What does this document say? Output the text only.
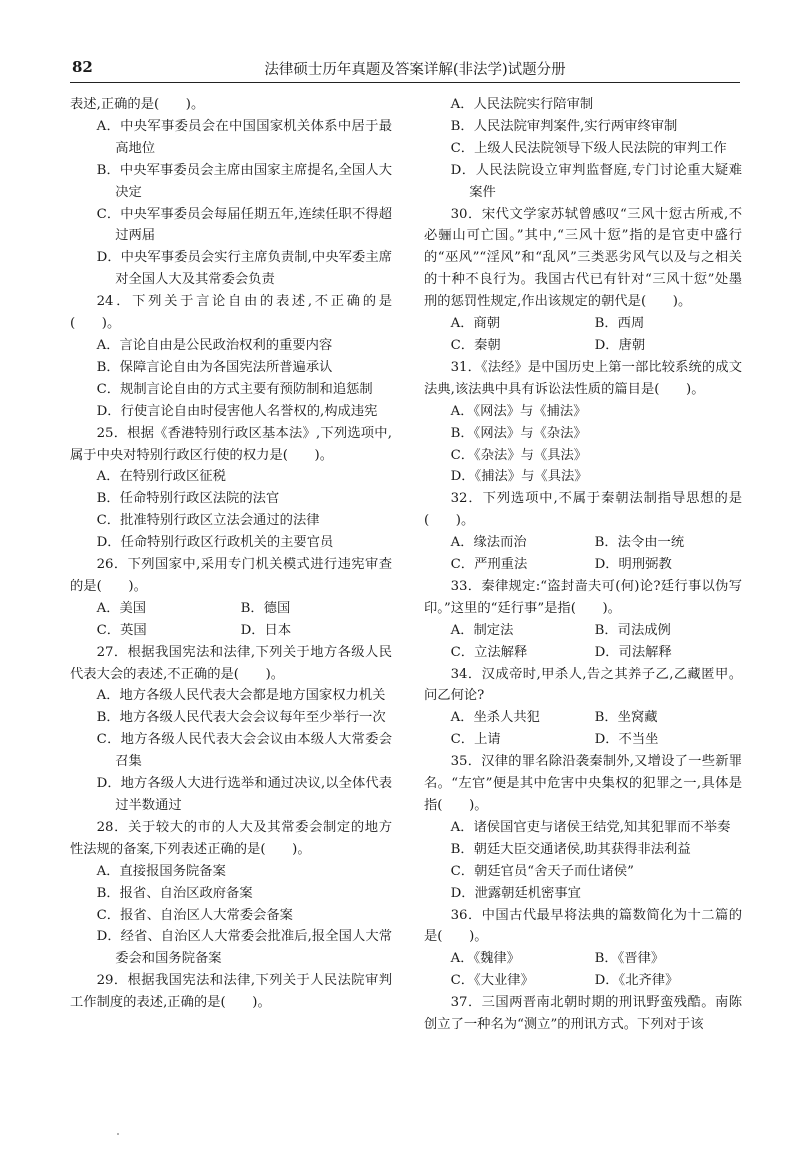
82	法律硕士历年真题及答案详解(非法学)试题分册

表述,正确的是(　　)。

A．中央军事委员会在中国国家机关体系中居于最高地位

B．中央军事委员会主席由国家主席提名,全国人大决定

C．中央军事委员会每届任期五年,连续任职不得超过两届

D．中央军事委员会实行主席负责制,中央军委主席对全国人大及其常委会负责

24．下列关于言论自由的表述,不正确的是(　　)。

A．言论自由是公民政治权利的重要内容

B．保障言论自由为各国宪法所普遍承认

C．规制言论自由的方式主要有预防制和追惩制

D．行使言论自由时侵害他人名誉权的,构成违宪

25．根据《香港特别行政区基本法》,下列选项中,属于中央对特别行政区行使的权力是(　　)。

A．在特别行政区征税

B．任命特别行政区法院的法官

C．批准特别行政区立法会通过的法律

D．任命特别行政区行政机关的主要官员

26．下列国家中,采用专门机关模式进行违宪审查的是(　　)。

A．美国	B．德国
C．英国	D．日本

27．根据我国宪法和法律,下列关于地方各级人民代表大会的表述,不正确的是(　　)。

A．地方各级人民代表大会都是地方国家权力机关

B．地方各级人民代表大会会议每年至少举行一次

C．地方各级人民代表大会会议由本级人大常委会召集

D．地方各级人大进行选举和通过决议,以全体代表过半数通过

28．关于较大的市的人大及其常委会制定的地方性法规的备案,下列表述正确的是(　　)。

A．直接报国务院备案

B．报省、自治区政府备案

C．报省、自治区人大常委会备案

D．经省、自治区人大常委会批准后,报全国人大常委会和国务院备案

29．根据我国宪法和法律,下列关于人民法院审判工作制度的表述,正确的是(　　)。

A．人民法院实行陪审制

B．人民法院审判案件,实行两审终审制

C．上级人民法院领导下级人民法院的审判工作

D．人民法院设立审判监督庭,专门讨论重大疑难案件

30．宋代文学家苏轼曾感叹“三风十愆古所戒,不必骊山可亡国。”其中,“三风十愆”指的是官吏中盛行的“巫风”“淫风”和“乱风”三类恶劣风气以及与之相关的十种不良行为。我国古代已有针对“三风十愆”处墨刑的惩罚性规定,作出该规定的朝代是(　　)。

A．商朝	B．西周
C．秦朝	D．唐朝

31．《法经》是中国历史上第一部比较系统的成文法典,该法典中具有诉讼法性质的篇目是(　　)。

A．《网法》与《捕法》

B．《网法》与《杂法》

C．《杂法》与《具法》

D．《捕法》与《具法》

32．下列选项中,不属于秦朝法制指导思想的是(　　)。

A．缘法而治	B．法令由一统
C．严刑重法	D．明刑弼教

33．秦律规定:“盗封啬夫可(何)论?廷行事以伪写印。”这里的“廷行事”是指(　　)。

A．制定法	B．司法成例
C．立法解释	D．司法解释

34．汉成帝时,甲杀人,告之其养子乙,乙藏匿甲。问乙何论?

A．坐杀人共犯	B．坐窝藏
C．上请	D．不当坐

35．汉律的罪名除沿袭秦制外,又增设了一些新罪名。“左官”便是其中危害中央集权的犯罪之一,具体是指(　　)。

A．诸侯国官吏与诸侯王结党,知其犯罪而不举奏

B．朝廷大臣交通诸侯,助其获得非法利益

C．朝廷官员“舍天子而仕诸侯”

D．泄露朝廷机密事宜

36．中国古代最早将法典的篇数简化为十二篇的是(　　)。

A．《魏律》	B．《晋律》
C．《大业律》	D．《北齐律》

37．三国两晋南北朝时期的刑讯野蛮残酷。南陈创立了一种名为“测立”的刑讯方式。下列对于该
